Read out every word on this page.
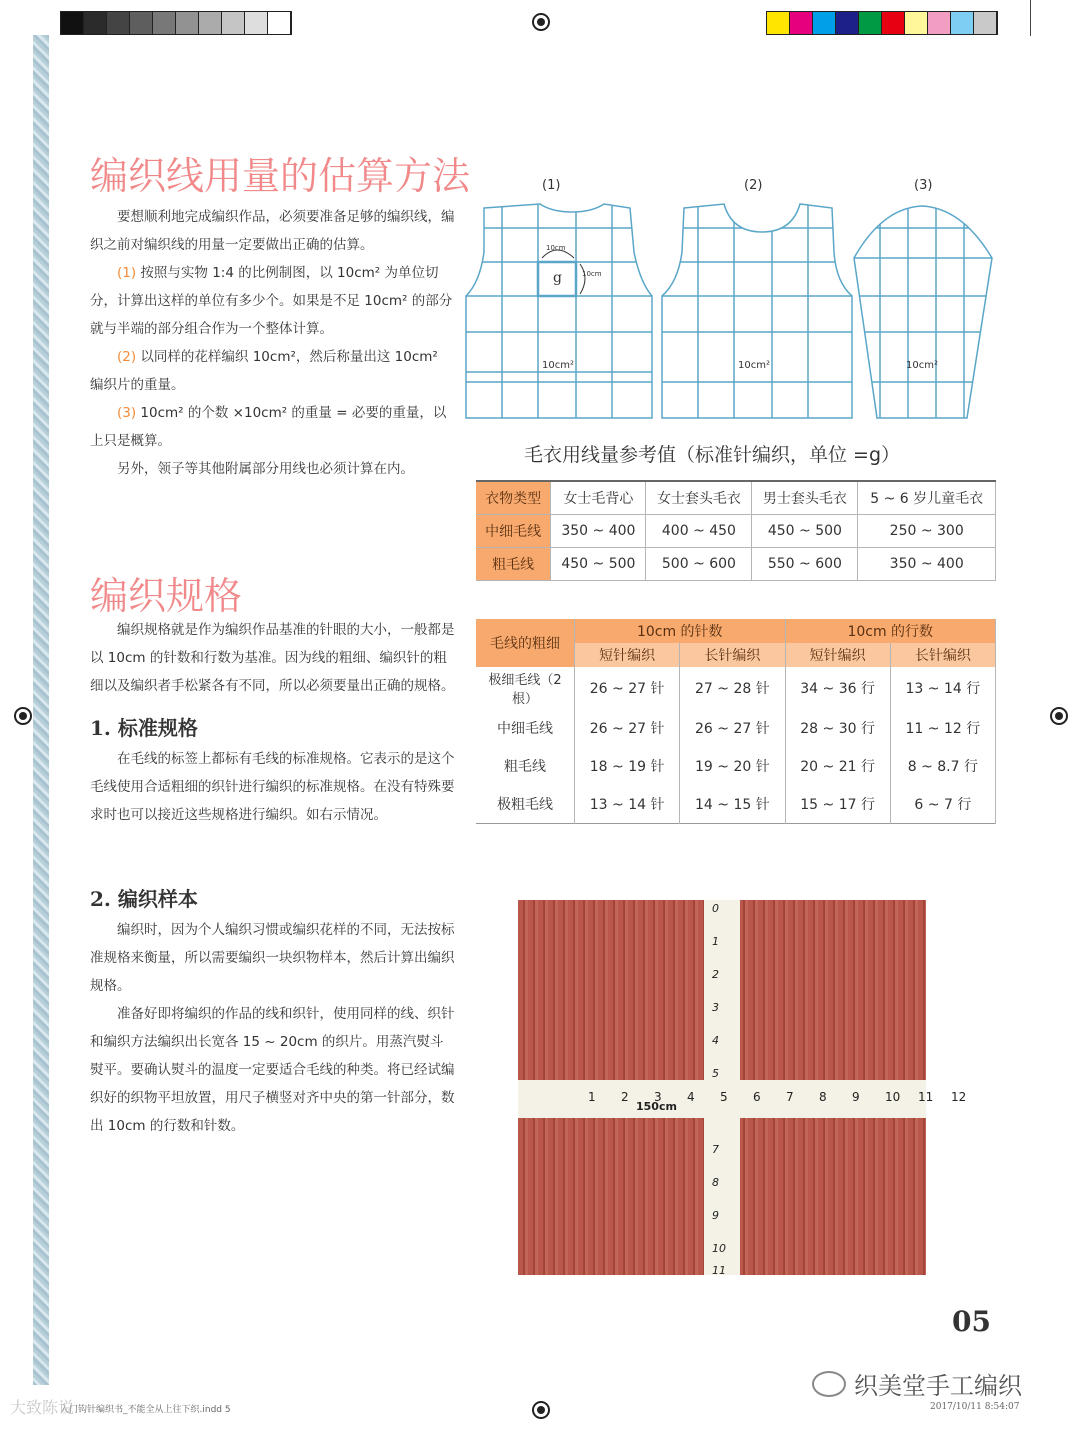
编织线用量的估算方法

要想顺利地完成编织作品，必须要准备足够的编织线，编织之前对编织线的用量一定要做出正确的估算。

(1) 按照与实物 1:4 的比例制图，以 10cm² 为单位切分，计算出这样的单位有多少个。如果是不足 10cm² 的部分就与半端的部分组合作为一个整体计算。

(2) 以同样的花样编织 10cm²，然后称量出这 10cm² 编织片的重量。

(3) 10cm² 的个数 ×10cm² 的重量 = 必要的重量，以上只是概算。

另外，领子等其他附属部分用线也必须计算在内。

(1)	(2)	(3)
g
10cm
10cm
10cm²	10cm²	10cm²
毛衣用线量参考值（标准针编织，单位 =g）
衣物类型	女士毛背心	女士套头毛衣	男士套头毛衣	5 ~ 6 岁儿童毛衣
中细毛线	350 ~ 400	400 ~ 450	450 ~ 500	250 ~ 300
粗毛线	450 ~ 500	500 ~ 600	550 ~ 600	350 ~ 400
编织规格

编织规格就是作为编织作品基准的针眼的大小，一般都是以 10cm 的针数和行数为基准。因为线的粗细、编织针的粗细以及编织者手松紧各有不同，所以必须要量出正确的规格。

1. 标准规格

在毛线的标签上都标有毛线的标准规格。它表示的是这个毛线使用合适粗细的织针进行编织的标准规格。在没有特殊要求时也可以接近这些规格进行编织。如右示情况。

2. 编织样本

编织时，因为个人编织习惯或编织花样的不同，无法按标准规格来衡量，所以需要编织一块织物样本，然后计算出编织规格。

准备好即将编织的作品的线和织针，使用同样的线、织针和编织方法编织出长宽各 15 ~ 20cm 的织片。用蒸汽熨斗熨平。要确认熨斗的温度一定要适合毛线的种类。将已经试编织好的织物平坦放置，用尺子横竖对齐中央的第一针部分，数出 10cm 的行数和针数。

毛线的粗细	10cm 的针数		10cm 的行数	
	短针编织	长针编织	短针编织	长针编织
极细毛线（2 根）	26 ~ 27 针	27 ~ 28 针	34 ~ 36 行	13 ~ 14 行
中细毛线	26 ~ 27 针	26 ~ 27 针	28 ~ 30 行	11 ~ 12 行
粗毛线	18 ~ 19 针	19 ~ 20 针	20 ~ 21 行	8 ~ 8.7 行
极粗毛线	13 ~ 14 针	14 ~ 15 针	15 ~ 17 行	6 ~ 7 行
0
1
2
3
4
5
7
8
9
10
11
1 2 3 4 5 6 7 8 9 10 11 12
150cm
05
织美堂手工编织
入门钩针编织书_不能全从上往下织.indd 5	2017/10/11 8:54:07
大致陈说
